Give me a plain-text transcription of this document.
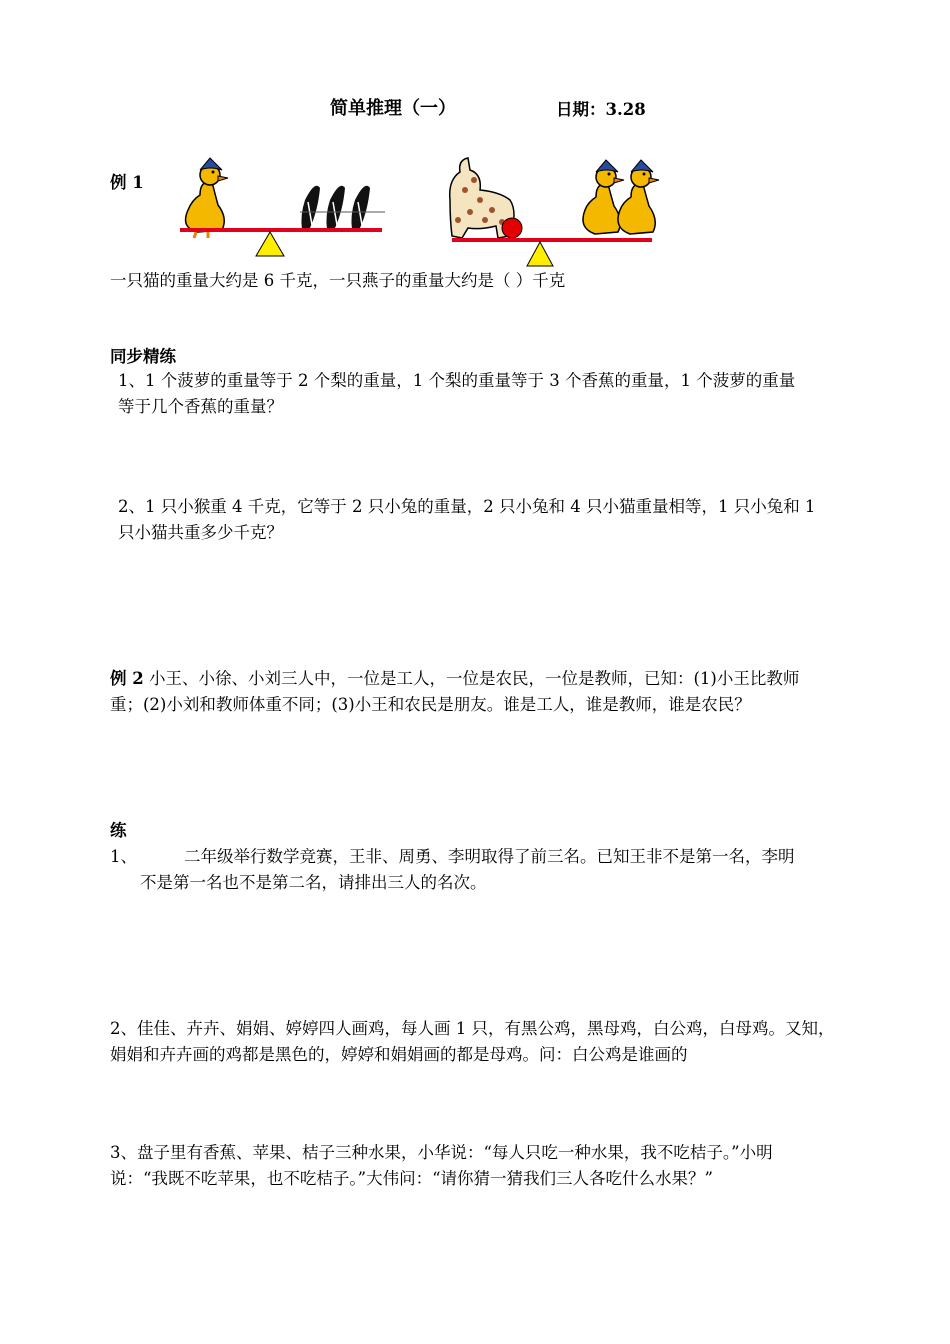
简单推理（一）	日期：3.28
例 1
一只猫的重量大约是 6 千克，一只燕子的重量大约是（ ）千克
同步精练
1、1 个菠萝的重量等于 2 个梨的重量，1 个梨的重量等于 3 个香蕉的重量，1 个菠萝的重量
等于几个香蕉的重量？
2、1 只小猴重 4 千克，它等于 2 只小兔的重量，2 只小兔和 4 只小猫重量相等，1 只小兔和 1
只小猫共重多少千克？
例 2 小王、小徐、小刘三人中，一位是工人，一位是农民，一位是教师，已知：(1)小王比教师
重；(2)小刘和教师体重不同；(3)小王和农民是朋友。谁是工人，谁是教师，谁是农民？
练
1、	二年级举行数学竞赛，王非、周勇、李明取得了前三名。已知王非不是第一名，李明
不是第一名也不是第二名，请排出三人的名次。
2、佳佳、卉卉、娟娟、婷婷四人画鸡，每人画 1 只，有黑公鸡，黑母鸡，白公鸡，白母鸡。又知，
娟娟和卉卉画的鸡都是黑色的，婷婷和娟娟画的都是母鸡。问：白公鸡是谁画的
3、盘子里有香蕉、苹果、桔子三种水果，小华说：“每人只吃一种水果，我不吃桔子。”小明
说：“我既不吃苹果，也不吃桔子。”大伟问：“请你猜一猜我们三人各吃什么水果？”
